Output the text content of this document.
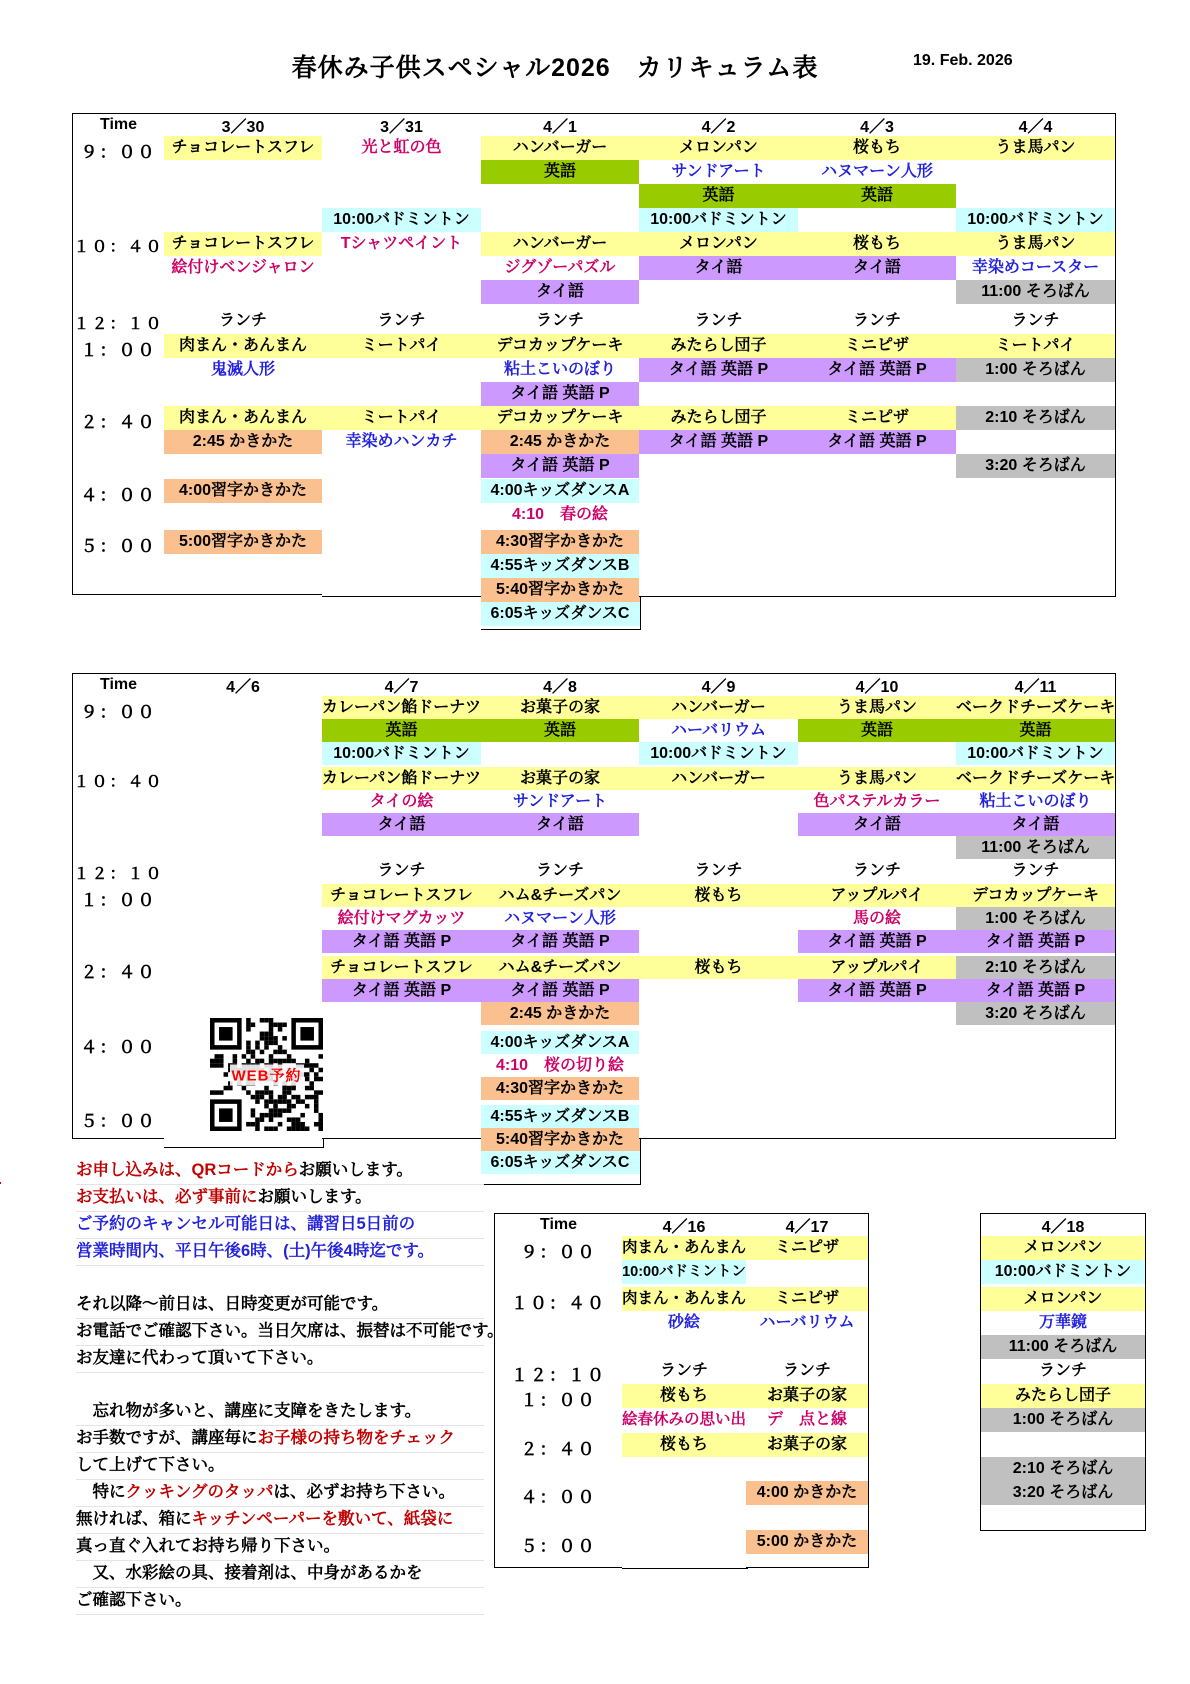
春休み子供スペシャル2026　カリキュラム表	19. Feb. 2026
Time
９：００
１０：４０
１２：１０
１：００
２：４０
４：００
５：００
3／30
チョコレートスフレ
チョコレートスフレ
絵付けベンジャロン
ランチ
肉まん・あんまん
鬼滅人形
肉まん・あんまん
2:45 かきかた
4:00習字かきかた
5:00習字かきかた
3／31
光と虹の色
10:00バドミントン
Tシャツペイント
ランチ
ミートパイ
ミートパイ
幸染めハンカチ
4／1
ハンバーガー
英語
ハンバーガー
ジグゾーパズル
タイ語
ランチ
デコカップケーキ
粘土こいのぼり
タイ語 英語 P
デコカップケーキ
2:45 かきかた
タイ語 英語 P
4:00キッズダンスA
4:10　春の絵
4:30習字かきかた
4:55キッズダンスB
5:40習字かきかた
6:05キッズダンスC
4／2
メロンパン
サンドアート
英語
10:00バドミントン
メロンパン
タイ語
ランチ
みたらし団子
タイ語 英語 P
みたらし団子
タイ語 英語 P
4／3
桜もち
ハヌマーン人形
英語
桜もち
タイ語
ランチ
ミニピザ
タイ語 英語 P
ミニピザ
タイ語 英語 P
4／4
うま馬パン
10:00バドミントン
うま馬パン
幸染めコースター
11:00 そろばん
ランチ
ミートパイ
1:00 そろばん
2:10 そろばん
3:20 そろばん
Time
９：００
１０：４０
１２：１０
１：００
２：４０
４：００
５：００
4／6	4／7
カレーパン餡ドーナツ
英語
10:00バドミントン
カレーパン餡ドーナツ
タイの絵
タイ語
ランチ
チョコレートスフレ
絵付けマグカッツ
タイ語 英語 P
チョコレートスフレ
タイ語 英語 P
4／8
お菓子の家
英語
お菓子の家
サンドアート
タイ語
ランチ
ハム&チーズパン
ハヌマーン人形
タイ語 英語 P
ハム&チーズパン
タイ語 英語 P
2:45 かきかた
4:00キッズダンスA
4:10　桜の切り絵
4:30習字かきかた
4:55キッズダンスB
5:40習字かきかた
6:05キッズダンスC
4／9
ハンバーガー
ハーバリウム
10:00バドミントン
ハンバーガー
ランチ
桜もち
桜もち
4／10
うま馬パン
英語
うま馬パン
色パステルカラー
タイ語
ランチ
アップルパイ
馬の絵
タイ語 英語 P
アップルパイ
タイ語 英語 P
4／11
ベークドチーズケーキ
英語
10:00バドミントン
ベークドチーズケーキ
粘土こいのぼり
タイ語
11:00 そろばん
ランチ
デコカップケーキ
1:00 そろばん
タイ語 英語 P
2:10 そろばん
タイ語 英語 P
3:20 そろばん
Time
９：００
１０：４０
１２：１０
１：００
２：４０
４：００
５：００
4／16
肉まん・あんまん
10:00バドミントン
肉まん・あんまん
砂絵
ランチ
桜もち
絵春休みの思い出
桜もち
4／17
ミニピザ
ミニピザ
ハーバリウム
ランチ
お菓子の家
デ　点と線
お菓子の家
4:00 かきかた
5:00 かきかた
4／18
メロンパン
10:00バドミントン
メロンパン
万華鏡
11:00 そろばん
ランチ
みたらし団子
1:00 そろばん
2:10 そろばん
3:20 そろばん
WEB予約
お申し込みは、QRコードからお願いします。
お支払いは、必ず事前にお願いします。
ご予約のキャンセル可能日は、講習日5日前の
営業時間内、平日午後6時、(土)午後4時迄です。
それ以降～前日は、日時変更が可能です。
お電話でご確認下さい。当日欠席は、振替は不可能です。
お友達に代わって頂いて下さい。
　忘れ物が多いと、講座に支障をきたします。
お手数ですが、講座毎にお子様の持ち物をチェック
して上げて下さい。
　特にクッキングのタッパは、必ずお持ち下さい。
無ければ、箱にキッチンペーパーを敷いて、紙袋に
真っ直ぐ入れてお持ち帰り下さい。
　又、水彩絵の具、接着剤は、中身があるかを
ご確認下さい。
